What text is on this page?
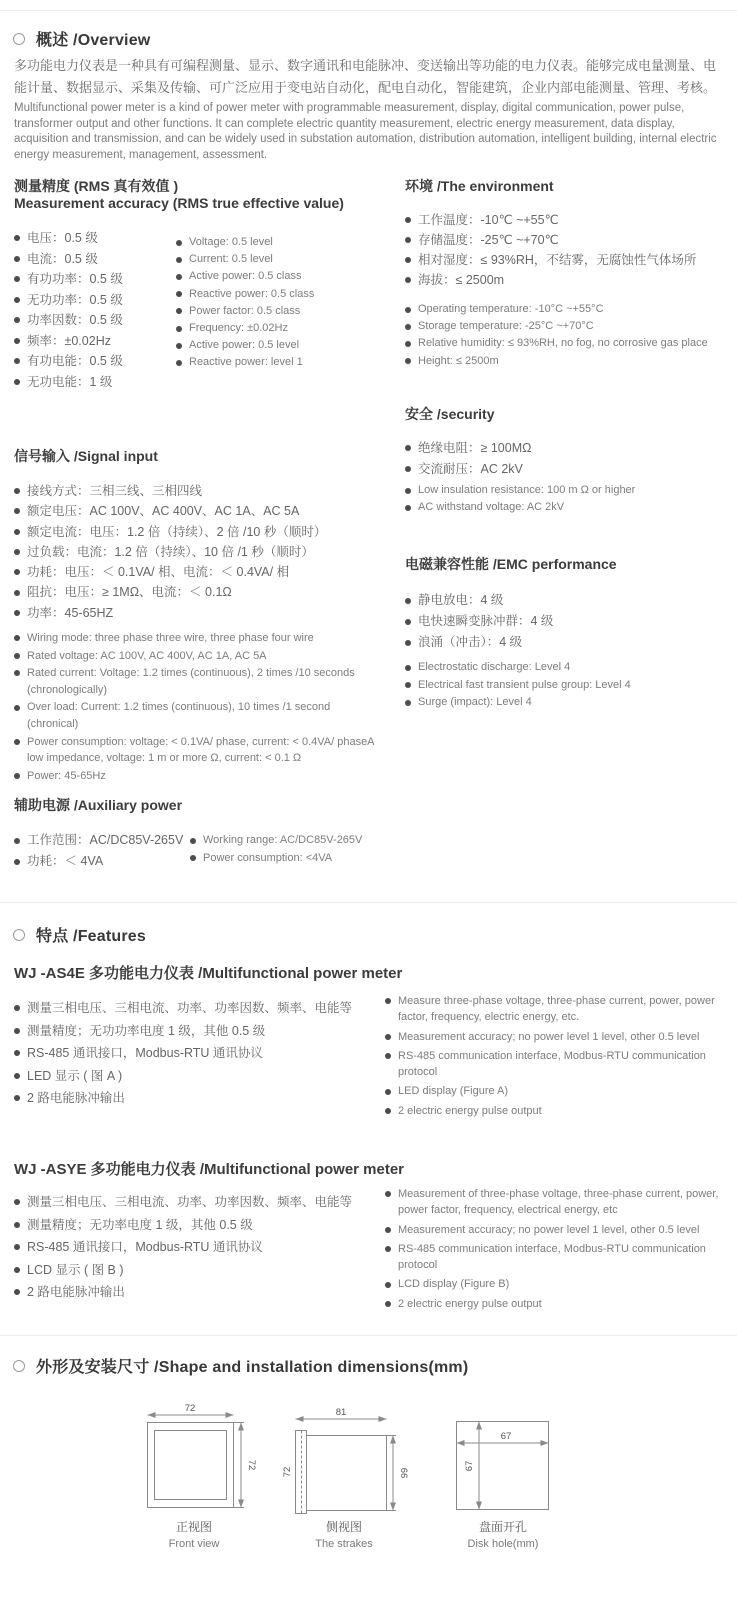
概述 /Overview
多功能电力仪表是一种具有可编程测量、显示、数字通讯和电能脉冲、变送输出等功能的电力仪表。能够完成电量测量、电能计量、数据显示、采集及传输、可广泛应用于变电站自动化，配电自动化，智能建筑，企业内部电能测量、管理、考核。
Multifunctional power meter is a kind of power meter with programmable measurement, display, digital communication, power pulse, transformer output and other functions. It can complete electric quantity measurement, electric energy measurement, data display, acquisition and transmission, and can be widely used in substation automation, distribution automation, intelligent building, internal electric energy measurement, management, assessment.
测量精度 (RMS 真有效值 )
Measurement accuracy (RMS true effective value)
电压：0.5 级
电流：0.5 级
有功功率：0.5 级
无功功率：0.5 级
功率因数：0.5 级
频率：±0.02Hz
有功电能：0.5 级
无功电能：1 级
Voltage: 0.5 level
Current: 0.5 level
Active power: 0.5 class
Reactive power: 0.5 class
Power factor: 0.5 class
Frequency: ±0.02Hz
Active power: 0.5 level
Reactive power: level 1
环境 /The environment
工作温度：-10℃ ~+55℃
存储温度：-25℃ ~+70℃
相对湿度：≤ 93%RH，不结雾，无腐蚀性气体场所
海拔：≤ 2500m
Operating temperature: -10°C ~+55°C
Storage temperature: -25°C ~+70°C
Relative humidity: ≤ 93%RH, no fog, no corrosive gas place
Height: ≤ 2500m
信号输入 /Signal input
接线方式：三相三线、三相四线
额定电压：AC 100V、AC 400V、AC 1A、AC 5A
额定电流：电压：1.2 倍（持续）、2 倍 /10 秒（顺时）
过负载：电流：1.2 倍（持续）、10 倍 /1 秒（顺时）
功耗：电压：＜ 0.1VA/ 相、电流：＜ 0.4VA/ 相
阻抗：电压：≥ 1MΩ、电流：＜ 0.1Ω
功率：45-65HZ
Wiring mode: three phase three wire, three phase four wire
Rated voltage: AC 100V, AC 400V, AC 1A, AC 5A
Rated current: Voltage: 1.2 times (continuous), 2 times /10 seconds (chronologically)
Over load: Current: 1.2 times (continuous), 10 times /1 second (chronical)
Power consumption: voltage: < 0.1VA/ phase, current: < 0.4VA/ phaseA low impedance, voltage: 1 m or more Ω, current: < 0.1 Ω
Power: 45-65Hz
安全 /security
绝缘电阻：≥ 100MΩ
交流耐压：AC 2kV
Low insulation resistance: 100 m Ω or higher
AC withstand voltage: AC 2kV
电磁兼容性能 /EMC performance
静电放电：4 级
电快速瞬变脉冲群：4 级
浪涌（冲击）：4 级
Electrostatic discharge: Level 4
Electrical fast transient pulse group: Level 4
Surge (impact): Level 4
辅助电源 /Auxiliary power
工作范围：AC/DC85V-265V
功耗：＜ 4VA
Working range: AC/DC85V-265V
Power consumption: <4VA
特点 /Features
WJ -AS4E 多功能电力仪表 /Multifunctional power meter
测量三相电压、三相电流、功率、功率因数、频率、电能等
测量精度；无功功率电度 1 级，其他 0.5 级
RS-485 通讯接口，Modbus-RTU 通讯协议
LED 显示 ( 图 A )
2 路电能脉冲输出
Measure three-phase voltage, three-phase current, power, power factor, frequency, electric energy, etc.
Measurement accuracy; no power level 1 level, other 0.5 level
RS-485 communication interface, Modbus-RTU communication protocol
LED display (Figure A)
2 electric energy pulse output
WJ -ASYE 多功能电力仪表 /Multifunctional power meter
测量三相电压、三相电流、功率、功率因数、频率、电能等
测量精度；无功率电度 1 级，其他 0.5 级
RS-485 通讯接口，Modbus-RTU 通讯协议
LCD 显示 ( 图 B )
2 路电能脉冲输出
Measurement of three-phase voltage, three-phase current, power, power factor, frequency, electrical energy, etc
Measurement accuracy; no power level 1 level, other 0.5 level
RS-485 communication interface, Modbus-RTU communication protocol
LCD display (Figure B)
2 electric energy pulse output
外形及安装尺寸 /Shape and installation dimensions(mm)
72
72
81
72	66
67
67
正视图
Front view
侧视图
The strakes
盘面开孔
Disk hole(mm)
